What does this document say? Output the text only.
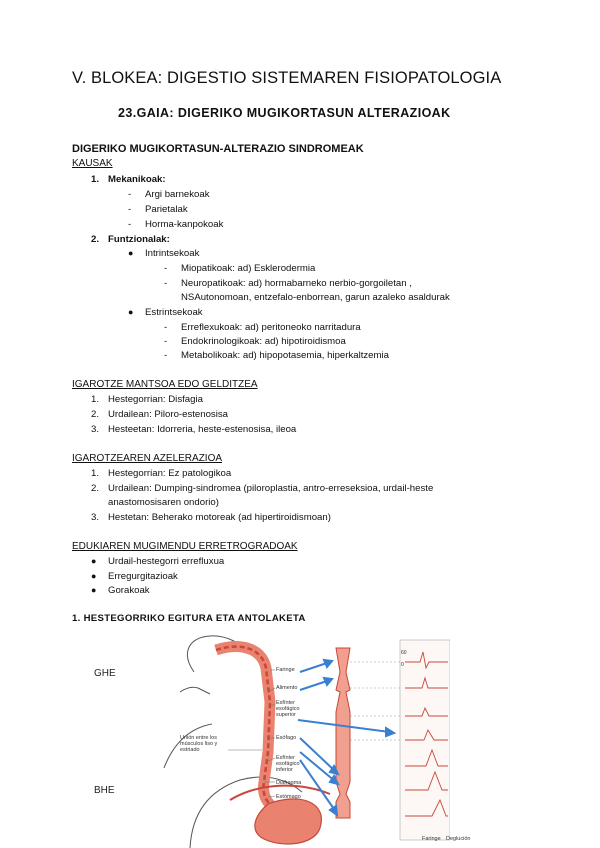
V. BLOKEA: DIGESTIO SISTEMAREN FISIOPATOLOGIA
23.GAIA: DIGERIKO MUGIKORTASUN ALTERAZIOAK
DIGERIKO MUGIKORTASUN-ALTERAZIO SINDROMEAK
KAUSAK
1. Mekanikoak:
- Argi barnekoak
- Parietalak
- Horma-kanpokoak
2. Funtzionalak:
● Intrintsekoak
- Miopatikoak: ad) Esklerodermia
- Neuropatikoak: ad) hormabarneko nerbio-gorgoiletan ,
NSAutonomoan, entzefalo-enborrean, garun azaleko asaldurak
● Estrintsekoak
- Erreflexukoak: ad) peritoneoko narritadura
- Endokrinologikoak: ad) hipotiroidismoa
- Metabolikoak: ad) hipopotasemia, hiperkaltzemia
IGAROTZE MANTSOA EDO GELDITZEA
1. Hestegorrian: Disfagia
2. Urdailean: Piloro-estenosisa
3. Hesteetan: Idorreria, heste-estenosisa, ileoa
IGAROTZEAREN AZELERAZIOA
1. Hestegorrian: Ez patologikoa
2. Urdailean: Dumping-sindromea (piloroplastia, antro-erreseksioa, urdail-heste
anastomosisaren ondorio)
3. Hestetan: Beherako motoreak (ad hipertiroidismoan)
EDUKIAREN MUGIMENDU ERRETROGRADOAK
● Urdail-hestegorri errefluxua
● Erregurgitazioak
● Gorakoak
1. HESTEGORRIKO EGITURA ETA ANTOLAKETA
GHE
BHE
Faringe
Alimento
Esfínter esofágico superior
Esófago
Esfínter esofágico inferior
Diafragma
Estómago
Unión entre los músculos liso y estriado
60
0
Faringe Deglución
